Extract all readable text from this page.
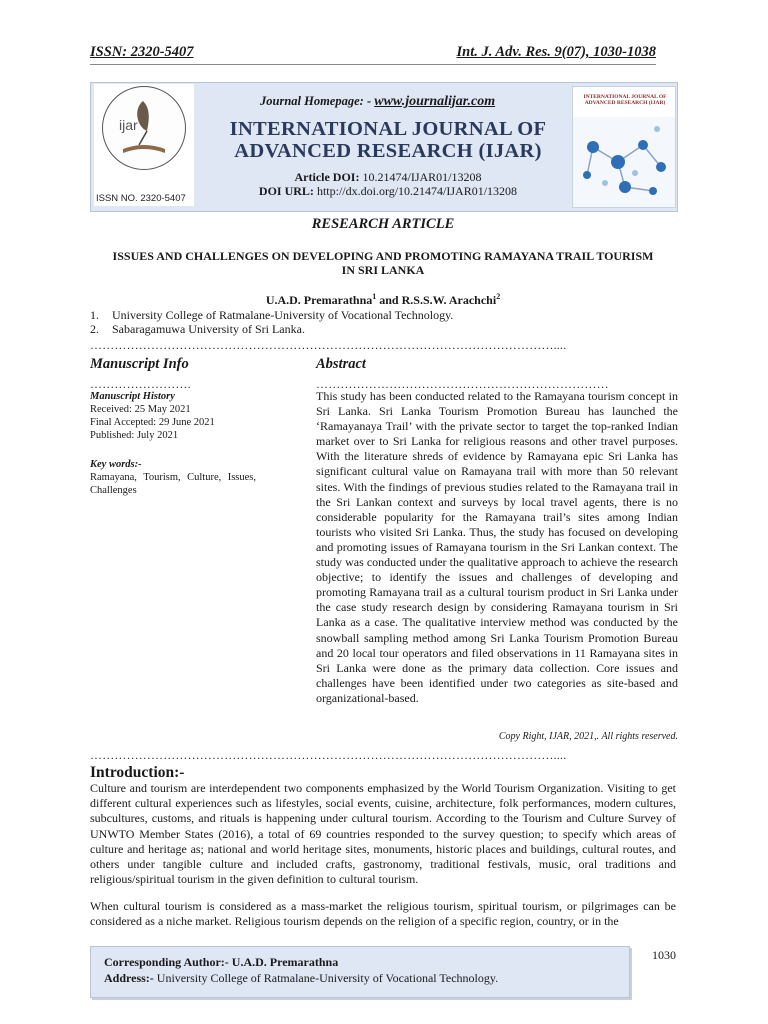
ISSN: 2320-5407	Int. J. Adv. Res. 9(07), 1030-1038
ijar
ISSN NO. 2320-5407
Journal Homepage: - www.journalijar.com
INTERNATIONAL JOURNAL OF
ADVANCED RESEARCH (IJAR)
Article DOI: 10.21474/IJAR01/13208
DOI URL: http://dx.doi.org/10.21474/IJAR01/13208
INTERNATIONAL JOURNAL OF ADVANCED RESEARCH (IJAR)
RESEARCH ARTICLE
ISSUES AND CHALLENGES ON DEVELOPING AND PROMOTING RAMAYANA TRAIL TOURISM
IN SRI LANKA
U.A.D. Premarathna$^1$ and R.S.S.W. Arachchi$^2$
1. University College of Ratmalane-University of Vocational Technology.
2. Sabaragamuwa University of Sri Lanka.
……………………………………………………………………………………………………....
Manuscript Info	Abstract
…………………….	………………………………………………………………
Manuscript History
Received: 25 May 2021
Final Accepted: 29 June 2021
Published: July 2021
Key words:-
Ramayana, Tourism, Culture, Issues, Challenges
This study has been conducted related to the Ramayana tourism concept in Sri Lanka. Sri Lanka Tourism Promotion Bureau has launched the ‘Ramayanaya Trail’ with the private sector to target the top-ranked Indian market over to Sri Lanka for religious reasons and other travel purposes. With the literature shreds of evidence by Ramayana epic Sri Lanka has significant cultural value on Ramayana trail with more than 50 relevant sites. With the findings of previous studies related to the Ramayana trail in the Sri Lankan context and surveys by local travel agents, there is no considerable popularity for the Ramayana trail’s sites among Indian tourists who visited Sri Lanka. Thus, the study has focused on developing and promoting issues of Ramayana tourism in the Sri Lankan context. The study was conducted under the qualitative approach to achieve the research objective; to identify the issues and challenges of developing and promoting Ramayana trail as a cultural tourism product in Sri Lanka under the case study research design by considering Ramayana tourism in Sri Lanka as a case. The qualitative interview method was conducted by the snowball sampling method among Sri Lanka Tourism Promotion Bureau and 20 local tour operators and filed observations in 11 Ramayana sites in Sri Lanka were done as the primary data collection. Core issues and challenges have been identified under two categories as site-based and organizational-based.
Copy Right, IJAR, 2021,. All rights reserved.
……………………………………………………………………………………………………....
Introduction:-
Culture and tourism are interdependent two components emphasized by the World Tourism Organization. Visiting to get different cultural experiences such as lifestyles, social events, cuisine, architecture, folk performances, modern cultures, subcultures, customs, and rituals is happening under cultural tourism. According to the Tourism and Culture Survey of UNWTO Member States (2016), a total of 69 countries responded to the survey question; to specify which areas of culture and heritage as; national and world heritage sites, monuments, historic places and buildings, cultural routes, and others under tangible culture and included crafts, gastronomy, traditional festivals, music, oral traditions and religious/spiritual tourism in the given definition to cultural tourism.
When cultural tourism is considered as a mass-market the religious tourism, spiritual tourism, or pilgrimages can be considered as a niche market. Religious tourism depends on the religion of a specific region, country, or in the
Corresponding Author:- U.A.D. Premarathna
Address:- University College of Ratmalane-University of Vocational Technology.
1030
